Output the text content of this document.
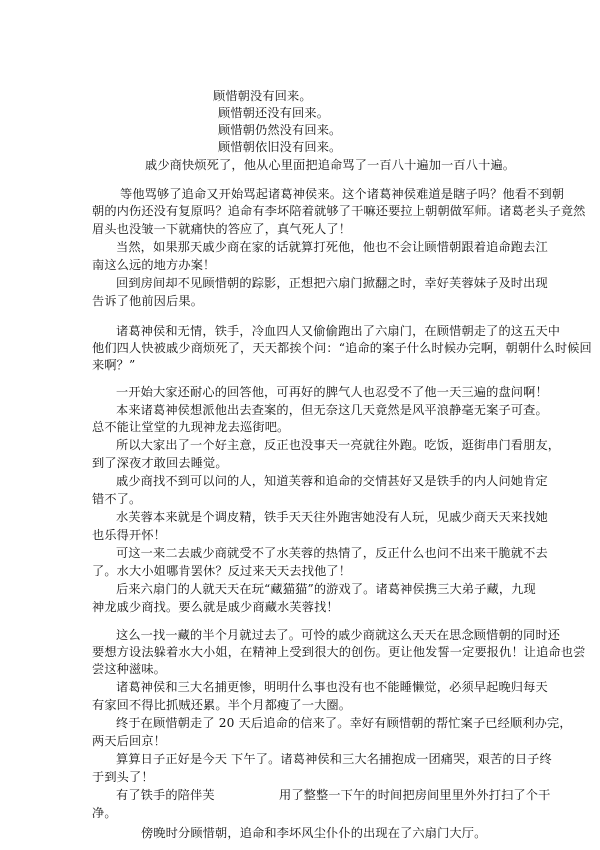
顾惜朝没有回来。
顾惜朝还没有回来。
顾惜朝仍然没有回来。
顾惜朝依旧没有回来。
戚少商快烦死了，他从心里面把追命骂了一百八十遍加一百八十遍。
等他骂够了追命又开始骂起诸葛神侯来。这个诸葛神侯难道是瞎子吗？他看不到朝
朝的内伤还没有复原吗？追命有李坏陪着就够了干嘛还要拉上朝朝做军师。诸葛老头子竟然
眉头也没皱一下就痛快的答应了，真气死人了！
当然，如果那天戚少商在家的话就算打死他，他也不会让顾惜朝跟着追命跑去江
南这么远的地方办案！
回到房间却不见顾惜朝的踪影，正想把六扇门掀翻之时，幸好芙蓉妹子及时出现
告诉了他前因后果。
诸葛神侯和无情，铁手，冷血四人又偷偷跑出了六扇门，在顾惜朝走了的这五天中
他们四人快被戚少商烦死了，天天都挨个问：“追命的案子什么时候办完啊，朝朝什么时候回
来啊？”
一开始大家还耐心的回答他，可再好的脾气人也忍受不了他一天三遍的盘问啊！
本来诸葛神侯想派他出去查案的，但无奈这几天竟然是风平浪静毫无案子可查。
总不能让堂堂的九现神龙去巡街吧。
所以大家出了一个好主意，反正也没事天一亮就往外跑。吃饭，逛街串门看朋友，
到了深夜才敢回去睡觉。
戚少商找不到可以问的人，知道芙蓉和追命的交情甚好又是铁手的内人问她肯定
错不了。
水芙蓉本来就是个调皮精，铁手天天往外跑害她没有人玩，见戚少商天天来找她
也乐得开怀！
可这一来二去戚少商就受不了水芙蓉的热情了，反正什么也问不出来干脆就不去
了。水大小姐哪肯罢休？反过来天天去找他了！
后来六扇门的人就天天在玩“藏猫猫”的游戏了。诸葛神侯携三大弟子藏，九现
神龙戚少商找。要么就是戚少商藏水芙蓉找！
这么一找一藏的半个月就过去了。可怜的戚少商就这么天天在思念顾惜朝的同时还
要想方设法躲着水大小姐，在精神上受到很大的创伤。更让他发誓一定要报仇！让追命也尝
尝这种滋味。
诸葛神侯和三大名捕更惨，明明什么事也没有也不能睡懒觉，必须早起晚归每天
有家回不得比抓贼还累。半个月都瘦了一大圈。
终于在顾惜朝走了 20 天后追命的信来了。幸好有顾惜朝的帮忙案子已经顺利办完，
两天后回京！
算算日子正好是今天 下午了。诸葛神侯和三大名捕抱成一团痛哭，艰苦的日子终
于到头了！
有了铁手的陪伴芙	用了整整一下午的时间把房间里里外外打扫了个干
净。
傍晚时分顾惜朝，追命和李坏风尘仆仆的出现在了六扇门大厅。
